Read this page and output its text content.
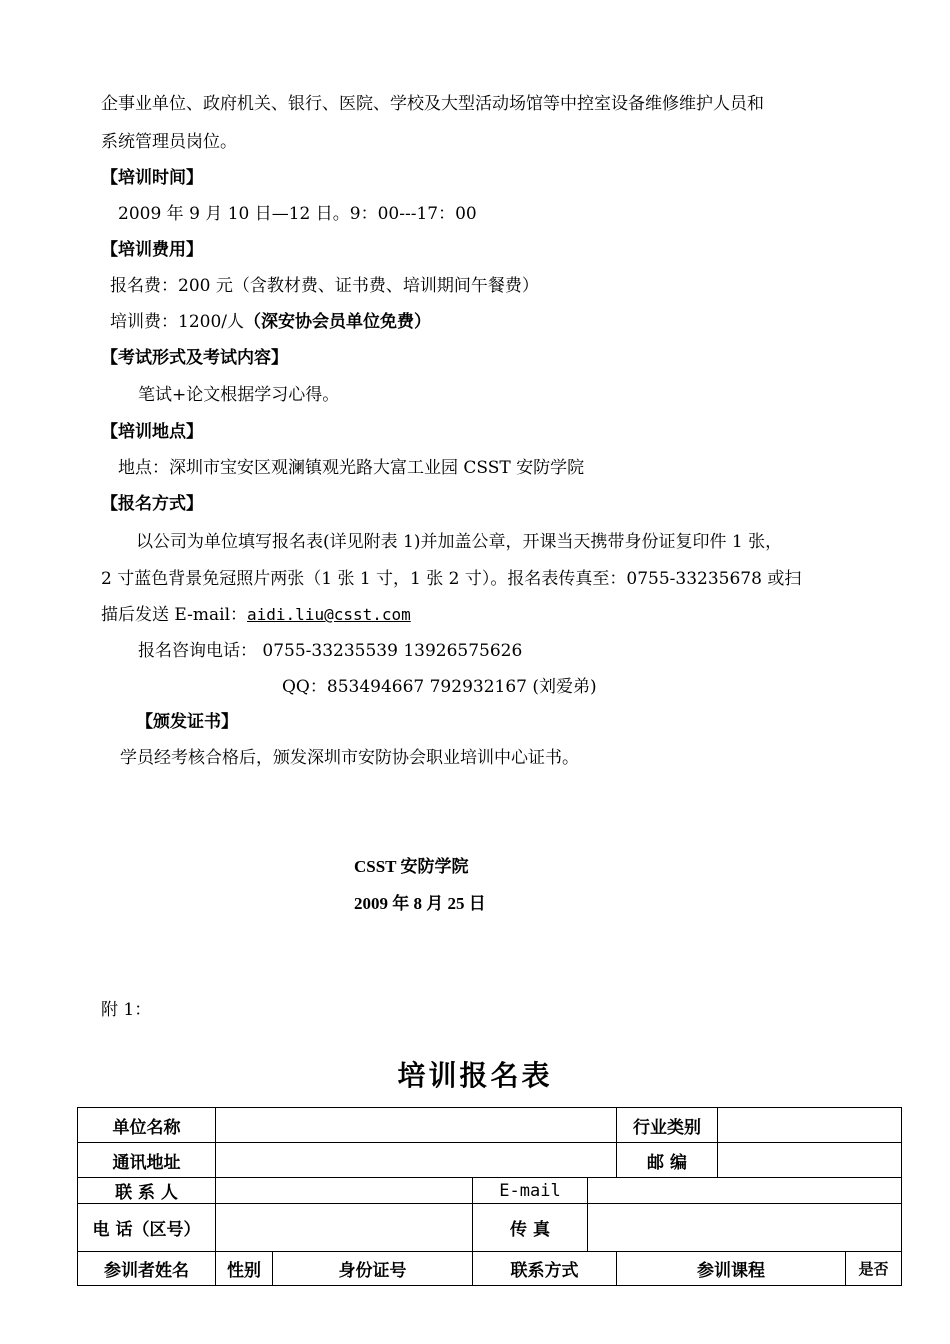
企事业单位、政府机关、银行、医院、学校及大型活动场馆等中控室设备维修维护人员和
系统管理员岗位。
【培训时间】
2009 年 9 月 10 日—12 日。9：00---17：00
【培训费用】
报名费：200 元（含教材费、证书费、培训期间午餐费）
培训费：1200/人（深安协会员单位免费）
【考试形式及考试内容】
笔试+论文根据学习心得。
【培训地点】
地点：深圳市宝安区观澜镇观光路大富工业园 CSST 安防学院
【报名方式】
以公司为单位填写报名表(详见附表 1)并加盖公章，开课当天携带身份证复印件 1 张，
2 寸蓝色背景免冠照片两张（1 张 1 寸，1 张 2 寸）。报名表传真至：0755-33235678 或扫
描后发送 E-mail：aidi.liu@csst.com
报名咨询电话： 0755-33235539 13926575626
QQ：853494667 792932167 (刘爱弟)
【颁发证书】
学员经考核合格后，颁发深圳市安防协会职业培训中心证书。
CSST 安防学院
2009 年 8 月 25 日
附 1：
培训报名表
单位名称					行业类别		
通讯地址					邮 编		
联 系 人			E-mail				
电 话（区号）			传 真				
参训者姓名	性别	身份证号	联系方式		参训课程		是否
